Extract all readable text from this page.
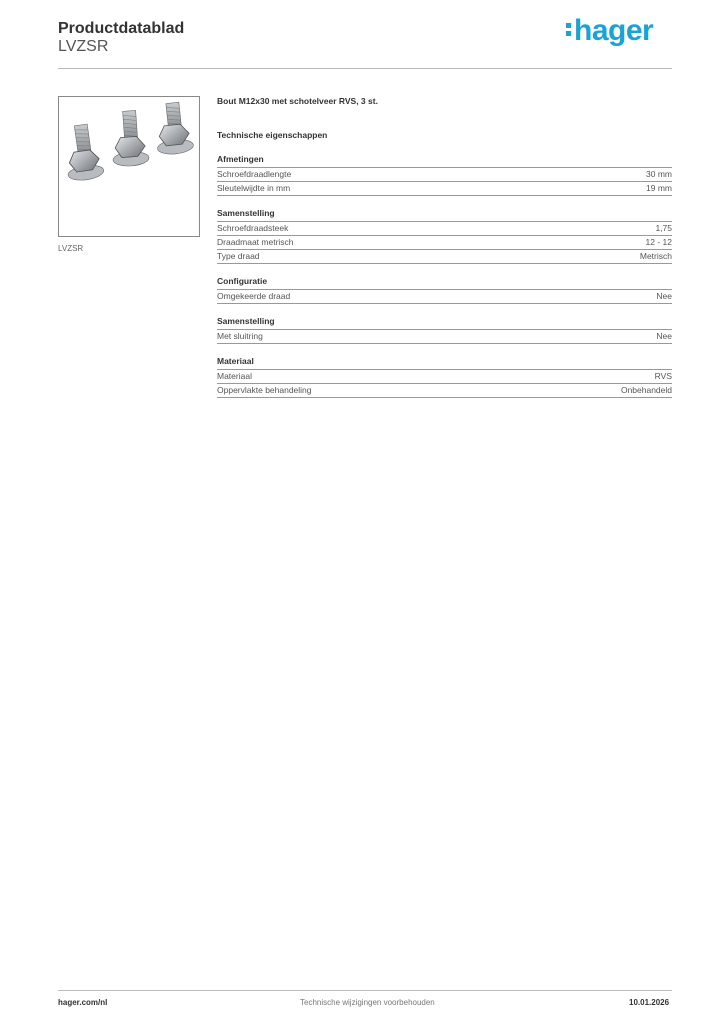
Productdatablad
LVZSR	hager
LVZSR
Bout M12x30 met schotelveer RVS, 3 st.
Technische eigenschappen
Afmetingen
Schroefdraadlengte	30 mm
Sleutelwijdte in mm	19 mm
Samenstelling
Schroefdraadsteek	1,75
Draadmaat metrisch	12 - 12
Type draad	Metrisch
Configuratie
Omgekeerde draad	Nee
Samenstelling
Met sluitring	Nee
Materiaal
Materiaal	RVS
Oppervlakte behandeling	Onbehandeld
hager.com/nl	Technische wijzigingen voorbehouden	10.01.2026
